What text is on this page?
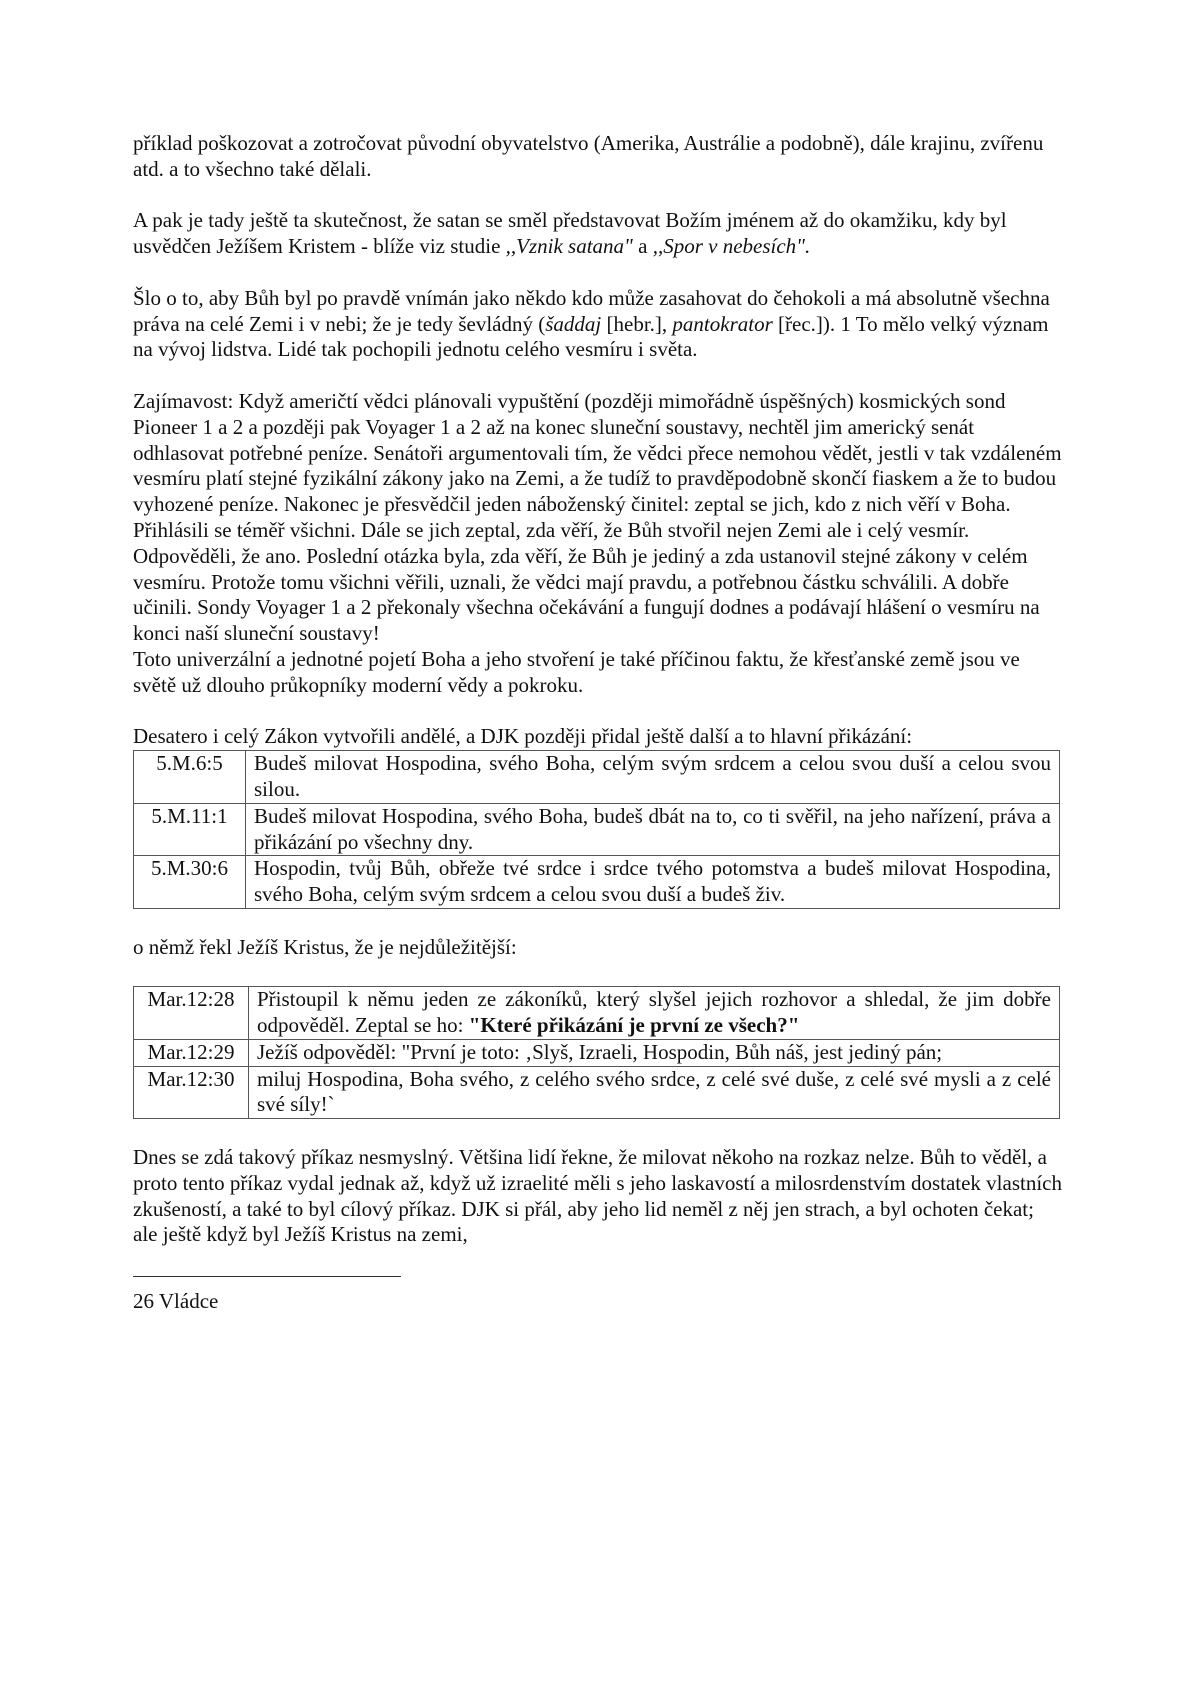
příklad poškozovat a zotročovat původní obyvatelstvo (Amerika, Austrálie a podobně), dále krajinu, zvířenu atd. a to všechno také dělali.

A pak je tady ještě ta skutečnost, že satan se směl představovat Božím jménem až do okamžiku, kdy byl usvědčen Ježíšem Kristem - blíže viz studie ,,Vznik satana" a ,,Spor v nebesích".

Šlo o to, aby Bůh byl po pravdě vnímán jako někdo kdo může zasahovat do čehokoli a má absolutně všechna práva na celé Zemi i v nebi; že je tedy ševládný (šaddaj [hebr.], pantokrator [řec.]). 1 To mělo velký význam na vývoj lidstva. Lidé tak pochopili jednotu celého vesmíru i světa.

Zajímavost: Když američtí vědci plánovali vypuštění (později mimořádně úspěšných) kosmických sond Pioneer 1 a 2 a později pak Voyager 1 a 2 až na konec sluneční soustavy, nechtěl jim americký senát odhlasovat potřebné peníze. Senátoři argumentovali tím, že vědci přece nemohou vědět, jestli v tak vzdáleném vesmíru platí stejné fyzikální zákony jako na Zemi, a že tudíž to pravděpodobně skončí fiaskem a že to budou vyhozené peníze. Nakonec je přesvědčil jeden náboženský činitel: zeptal se jich, kdo z nich věří v Boha. Přihlásili se téměř všichni. Dále se jich zeptal, zda věří, že Bůh stvořil nejen Zemi ale i celý vesmír. Odpověděli, že ano. Poslední otázka byla, zda věří, že Bůh je jediný a zda ustanovil stejné zákony v celém vesmíru. Protože tomu všichni věřili, uznali, že vědci mají pravdu, a potřebnou částku schválili. A dobře učinili. Sondy Voyager 1 a 2 překonaly všechna očekávání a fungují dodnes a podávají hlášení o vesmíru na konci naší sluneční soustavy!

Toto univerzální a jednotné pojetí Boha a jeho stvoření je také příčinou faktu, že křesťanské země jsou ve světě už dlouho průkopníky moderní vědy a pokroku.

Desatero i celý Zákon vytvořili andělé, a DJK později přidal ještě další a to hlavní přikázání:

5.M.6:5	Budeš milovat Hospodina, svého Boha, celým svým srdcem a celou svou duší a celou svou silou.
5.M.11:1	Budeš milovat Hospodina, svého Boha, budeš dbát na to, co ti svěřil, na jeho nařízení, práva a přikázání po všechny dny.
5.M.30:6	Hospodin, tvůj Bůh, obřeže tvé srdce i srdce tvého potomstva a budeš milovat Hospodina, svého Boha, celým svým srdcem a celou svou duší a budeš živ.

o němž řekl Ježíš Kristus, že je nejdůležitější:

Mar.12:28	Přistoupil k němu jeden ze zákoníků, který slyšel jejich rozhovor a shledal, že jim dobře odpověděl. Zeptal se ho: "Které přikázání je první ze všech?"
Mar.12:29	Ježíš odpověděl: "První je toto: ‚Slyš, Izraeli, Hospodin, Bůh náš, jest jediný pán;
Mar.12:30	miluj Hospodina, Boha svého, z celého svého srdce, z celé své duše, z celé své mysli a z celé své síly!`

Dnes se zdá takový příkaz nesmyslný. Většina lidí řekne, že milovat někoho na rozkaz nelze. Bůh to věděl, a proto tento příkaz vydal jednak až, když už izraelité měli s jeho laskavostí a milosrdenstvím dostatek vlastních zkušeností, a také to byl cílový příkaz. DJK si přál, aby jeho lid neměl z něj jen strach, a byl ochoten čekat; ale ještě když byl Ježíš Kristus na zemi,

26 Vládce
